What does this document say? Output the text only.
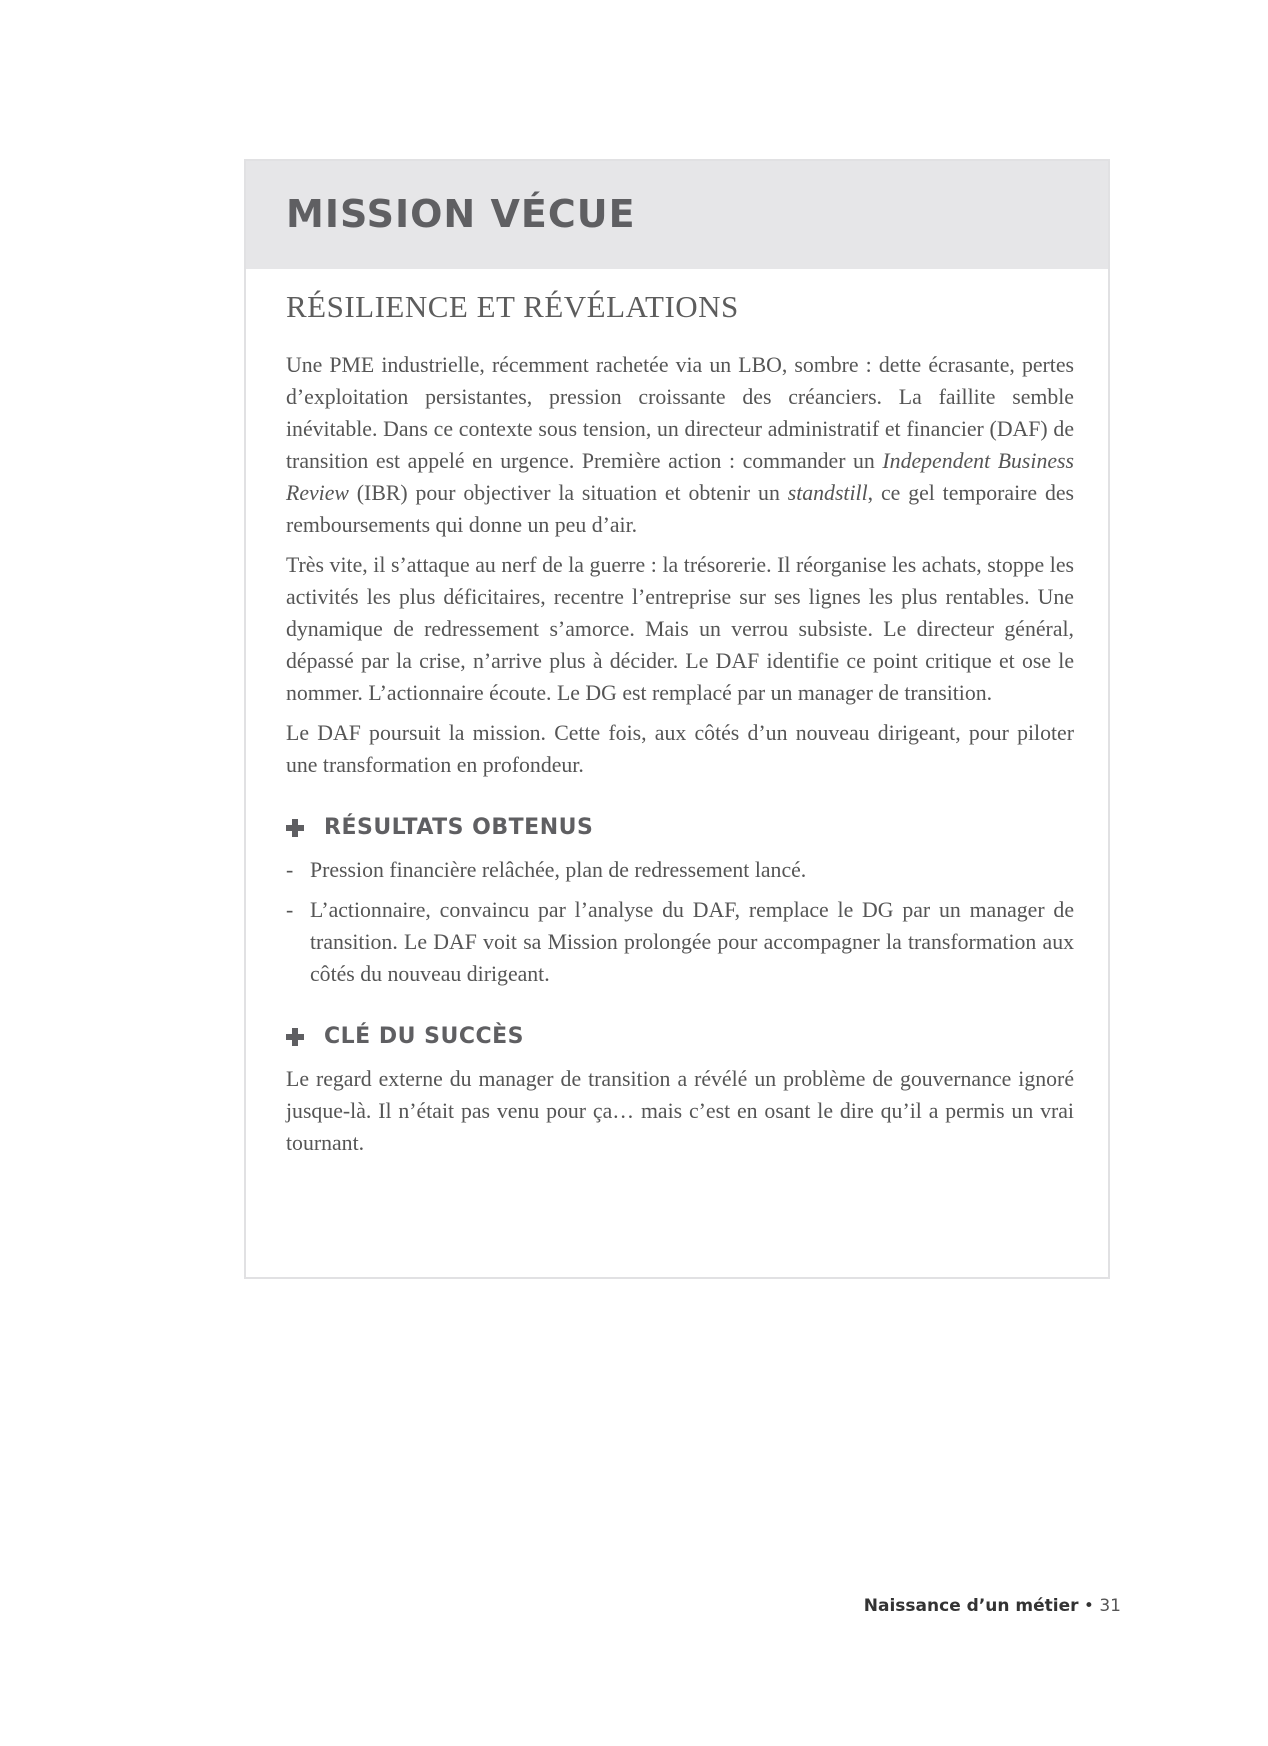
MISSION VÉCUE
RÉSILIENCE ET RÉVÉLATIONS

Une PME industrielle, récemment rachetée via un LBO, sombre : dette écrasante, pertes d’exploitation persistantes, pression croissante des créanciers. La faillite semble inévitable. Dans ce contexte sous tension, un directeur administratif et financier (DAF) de transition est appelé en urgence. Première action : commander un Independent Business Review (IBR) pour objectiver la situation et obtenir un standstill, ce gel temporaire des remboursements qui donne un peu d’air.

Très vite, il s’attaque au nerf de la guerre : la trésorerie. Il réorganise les achats, stoppe les activités les plus déficitaires, recentre l’entreprise sur ses lignes les plus rentables. Une dynamique de redressement s’amorce. Mais un verrou subsiste. Le directeur général, dépassé par la crise, n’arrive plus à décider. Le DAF identifie ce point critique et ose le nommer. L’actionnaire écoute. Le DG est remplacé par un manager de transition.

Le DAF poursuit la mission. Cette fois, aux côtés d’un nouveau dirigeant, pour piloter une transformation en profondeur.

RÉSULTATS OBTENUS
- Pression financière relâchée, plan de redressement lancé.
- L’actionnaire, convaincu par l’analyse du DAF, remplace le DG par un manager de transition. Le DAF voit sa Mission prolongée pour accompagner la transformation aux côtés du nouveau dirigeant.
CLÉ DU SUCCÈS

Le regard externe du manager de transition a révélé un problème de gouvernance ignoré jusque-là. Il n’était pas venu pour ça… mais c’est en osant le dire qu’il a permis un vrai tournant.

Naissance d’un métier • 31
